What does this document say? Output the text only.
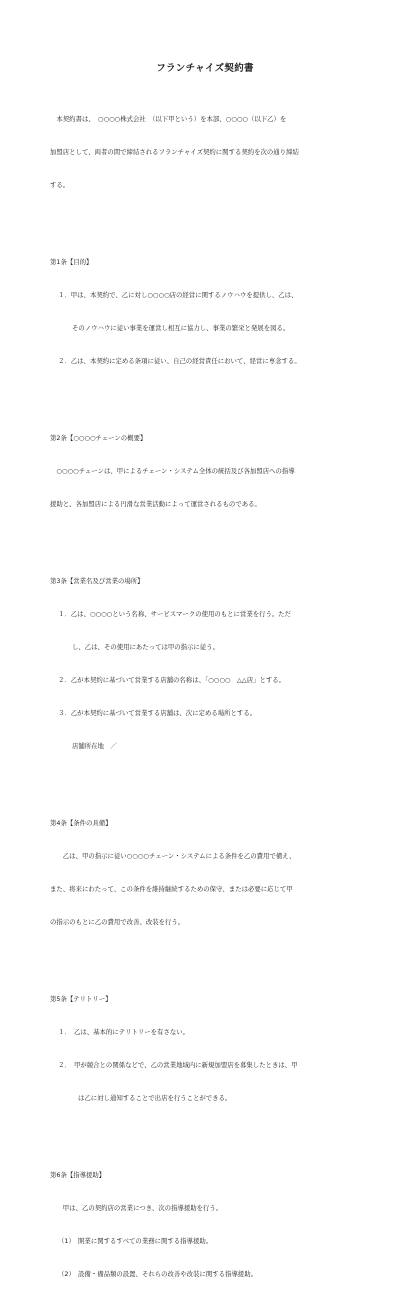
フランチャイズ契約書

　本契約書は、　○○○○株式会社　（以下甲という）を本部、○○○○（以下乙）を

加盟店として、両者の間で締結されるフランチャイズ契約に関する契約を次の通り締結

する。

第1条【目的】

１．甲は、本契約で、乙に対し○○○○店の経営に関するノウハウを提供し、乙は、

そのノウハウに従い事業を運営し相互に協力し、事業の繁栄と発展を図る。

２．乙は、本契約に定める条項に従い、自己の経営責任において、経営に専念する。

第2条【○○○○チェーンの概要】

　○○○○チェーンは、甲によるチェーン・システム全体の統括及び各加盟店への指導

援助と、各加盟店による円滑な営業活動によって運営されるものである。

第3条【営業名及び営業の場所】

１．乙は、○○○○という名称、サービスマークの使用のもとに営業を行う。ただ

し、乙は、その使用にあたっては甲の指示に従う。

２．乙が本契約に基づいて営業する店舗の名称は、「○○○○　△△店」とする。

３．乙が本契約に基づいて営業する店舗は、次に定める場所とする。

店舗所在地　／

第4条【条件の具備】

　　乙は、甲の指示に従い○○○○チェーン・システムによる条件を乙の費用で備え、

また、将来にわたって、この条件を維持継続するための保守、または必要に応じて甲

の指示のもとに乙の費用で改善、改装を行う。

第5条【テリトリー】

１．　乙は、基本的にテリトリーを有さない。

２．　甲が競合との関係などで、乙の営業地域内に新規加盟店を募集したときは、甲

は乙に対し通知することで出店を行うことができる。

第6条【指導援助】

　　甲は、乙の契約店の営業につき、次の指導援助を行う。

（1）　開業に関するすべての業務に関する指導援助。

（2）　設備・備品類の設置、それらの改善や改装に関する指導援助。
